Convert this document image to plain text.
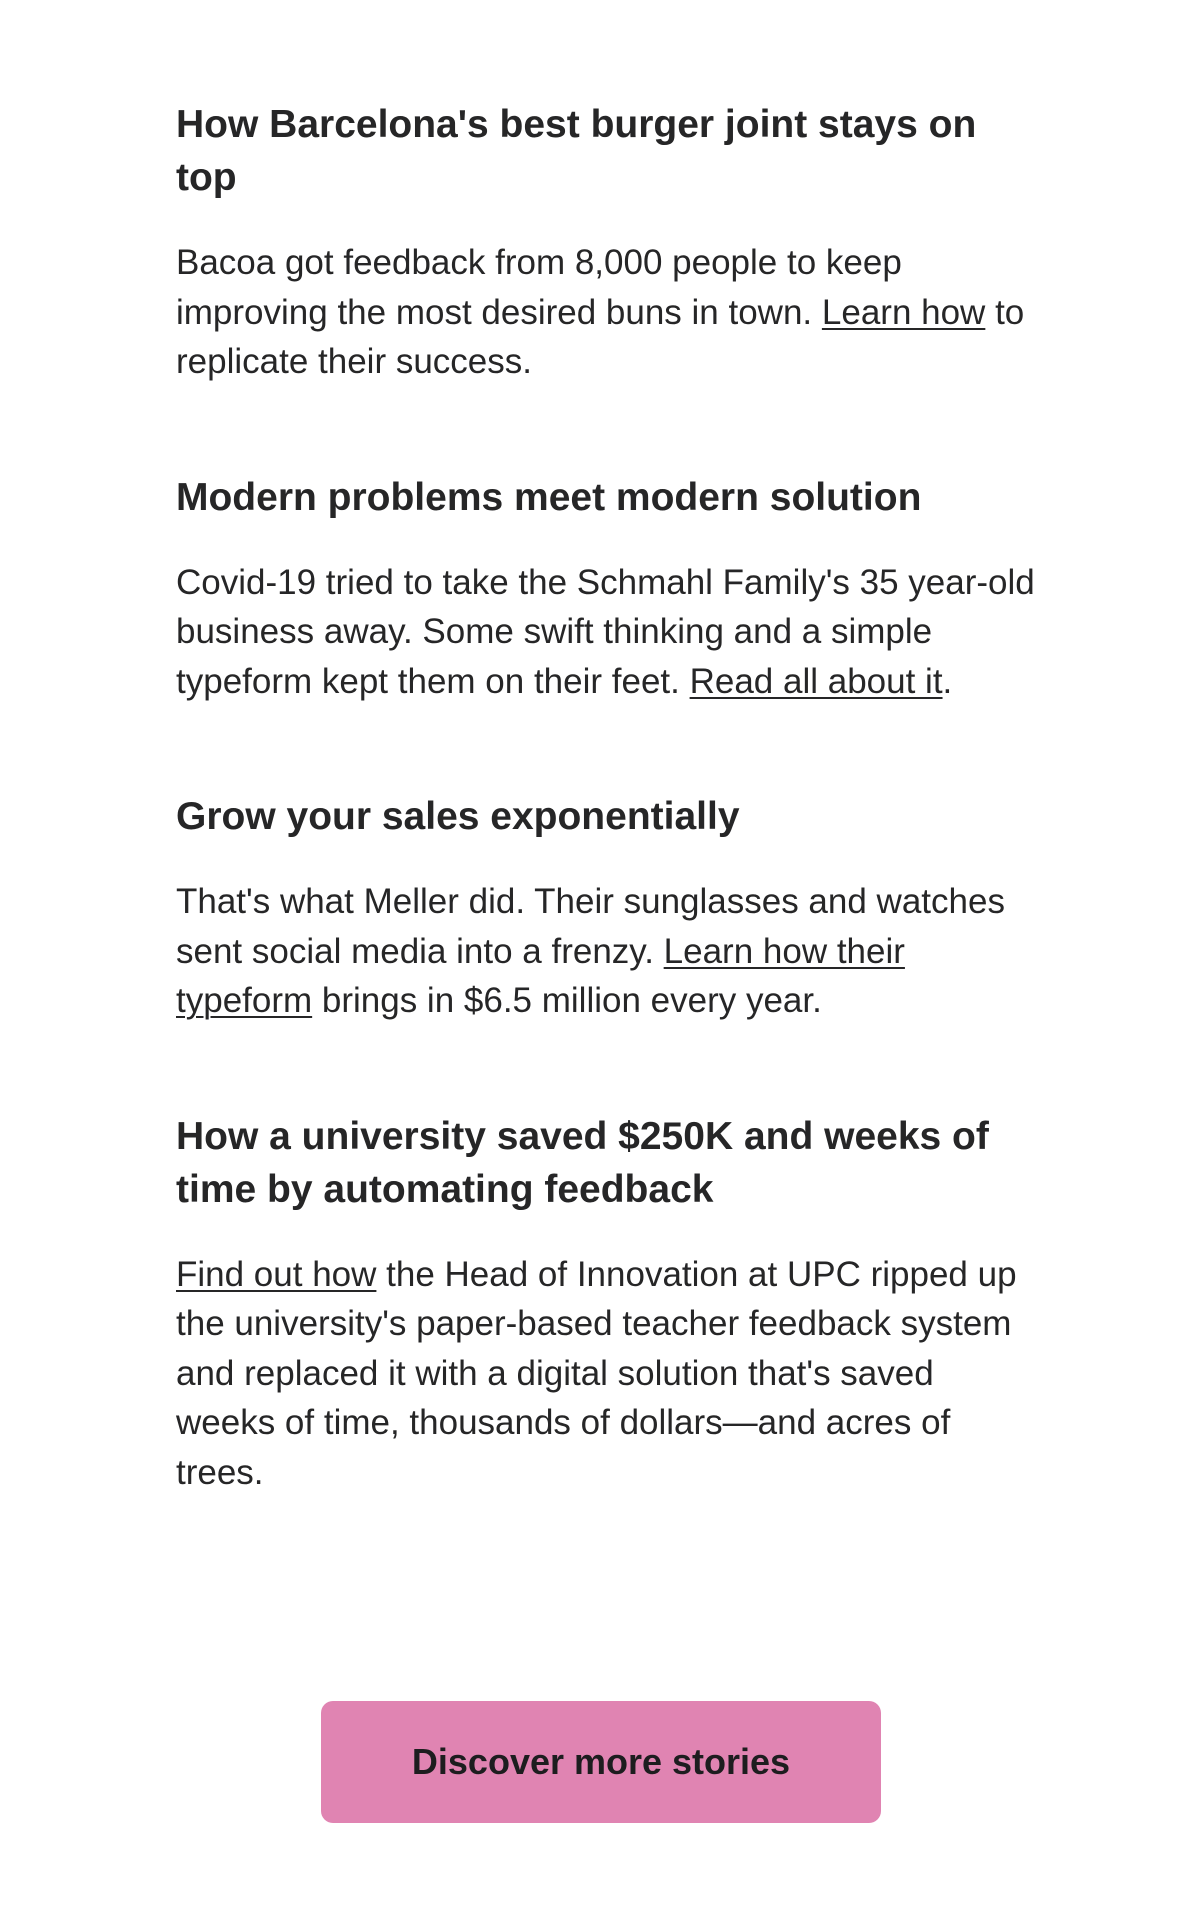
How Barcelona's best burger joint stays on top

Bacoa got feedback from 8,000 people to keep improving the most desired buns in town. Learn how to replicate their success.

Modern problems meet modern solution

Covid-19 tried to take the Schmahl Family's 35 year-old business away. Some swift thinking and a simple typeform kept them on their feet. Read all about it.

Grow your sales exponentially

That's what Meller did. Their sunglasses and watches sent social media into a frenzy. Learn how their typeform brings in $6.5 million every year.

How a university saved $250K and weeks of time by automating feedback

Find out how the Head of Innovation at UPC ripped up the university's paper-based teacher feedback system and replaced it with a digital solution that's saved weeks of time, thousands of dollars—and acres of trees.

Discover more stories
